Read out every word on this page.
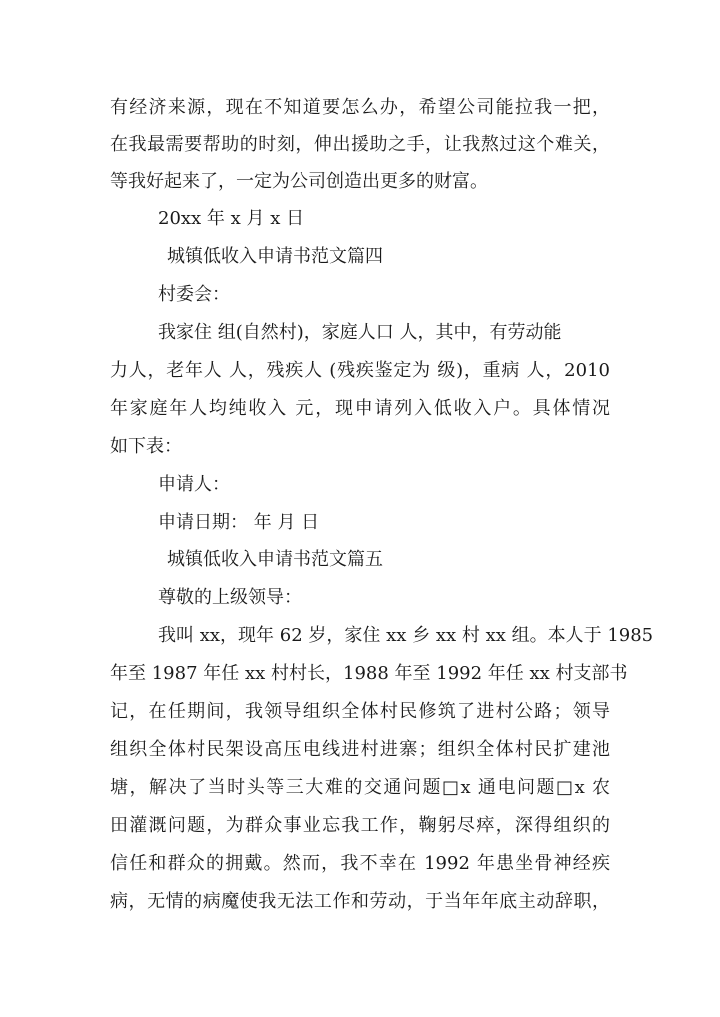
有经济来源，现在不知道要怎么办，希望公司能拉我一把，
在我最需要帮助的时刻，伸出援助之手，让我熬过这个难关，
等我好起来了，一定为公司创造出更多的财富。
20xx 年 x 月 x 日
城镇低收入申请书范文篇四
村委会：
我家住 组(自然村)，家庭人口 人，其中，有劳动能
力人，老年人 人，残疾人 (残疾鉴定为 级)，重病 人，2010
年家庭年人均纯收入 元，现申请列入低收入户。具体情况
如下表：
申请人：
申请日期： 年 月 日
城镇低收入申请书范文篇五
尊敬的上级领导：
我叫 xx，现年 62 岁，家住 xx 乡 xx 村 xx 组。本人于 1985
年至 1987 年任 xx 村村长，1988 年至 1992 年任 xx 村支部书
记，在任期间，我领导组织全体村民修筑了进村公路；领导
组织全体村民架设高压电线进村进寨；组织全体村民扩建池
塘，解决了当时头等三大难的交通问题□x 通电问题□x 农
田灌溉问题，为群众事业忘我工作，鞠躬尽瘁，深得组织的
信任和群众的拥戴。然而，我不幸在 1992 年患坐骨神经疾
病，无情的病魔使我无法工作和劳动，于当年年底主动辞职，
